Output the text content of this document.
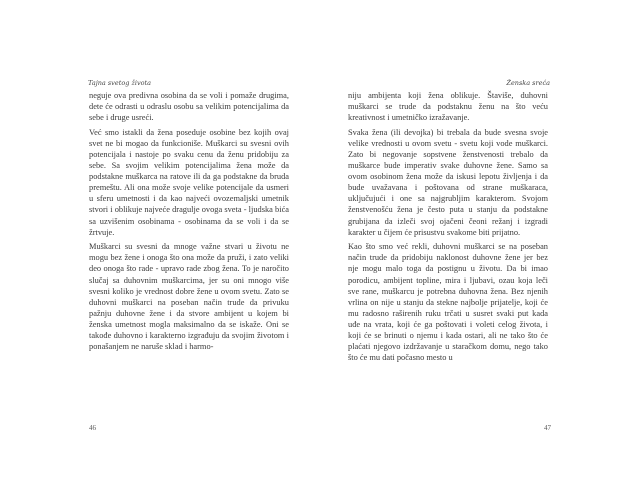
Tajna svetog života

neguje ova predivna osobina da se voli i pomaže drugima, dete će odrasti u odraslu osobu sa velikim potencijalima da sebe i druge usreći.

Već smo istakli da žena poseduje osobine bez kojih ovaj svet ne bi mogao da funkcioniše. Muškarci su svesni ovih potencijala i nastoje po svaku cenu da ženu pridobiju za sebe. Sa svojim velikim potencijalima žena može da podstakne muškarca na ratove ili da ga podstakne da bruda premeštu. Ali ona može svoje velike potencijale da usmeri u sferu umetnosti i da kao najveći ovozemaljski umetnik stvori i oblikuje najveće dragulje ovoga sveta - ljudska bića sa uzvišenim osobinama - osobinama da se voli i da se žrtvuje.

Muškarci su svesni da mnoge važne stvari u životu ne mogu bez žene i onoga što ona može da pruži, i zato veliki deo onoga što rade - upravo rade zbog žena. To je naročito slučaj sa duhovnim muškarcima, jer su oni mnogo više svesni koliko je vrednost dobre žene u ovom svetu. Zato se duhovni muškarci na poseban način trude da privuku pažnju duhovne žene i da stvore ambijent u kojem bi ženska umetnost mogla maksimalno da se iskaže. Oni se takođe duhovno i karakterno izgrađuju da svojim životom i ponašanjem ne naruše sklad i harmo-

46
Ženska sreća

niju ambijenta koji žena oblikuje. Štaviše, duhovni muškarci se trude da podstaknu ženu na što veću kreativnost i umetničko izražavanje.

Svaka žena (ili devojka) bi trebala da bude svesna svoje velike vrednosti u ovom svetu - svetu koji vode muškarci. Zato bi negovanje sopstvene ženstvenosti trebalo da muškarce bude imperativ svake duhovne žene. Samo sa ovom osobinom žena može da iskusi lepotu življenja i da bude uvažavana i poštovana od strane muškaraca, uključujući i one sa najgrubljim karakterom. Svojom ženstvenošću žena je često puta u stanju da podstakne grubijana da izleči svoj ojačeni čeoni režanj i izgradi karakter u čijem će prisustvu svakome biti prijatno.

Kao što smo već rekli, duhovni muškarci se na poseban način trude da pridobiju naklonost duhovne žene jer bez nje mogu malo toga da postignu u životu. Da bi imao porodicu, ambijent topline, mira i ljubavi, ozau koja leči sve rane, muškarcu je potrebna duhovna žena. Bez njenih vrlina on nije u stanju da stekne najbolje prijatelje, koji će mu radosno raširenih ruku trčati u susret svaki put kada uđe na vrata, koji će ga poštovati i voleti celog života, i koji će se brinuti o njemu i kada ostari, ali ne tako što će plaćati njegovo izdržavanje u staračkom domu, nego tako što će mu dati počasno mesto u

47
